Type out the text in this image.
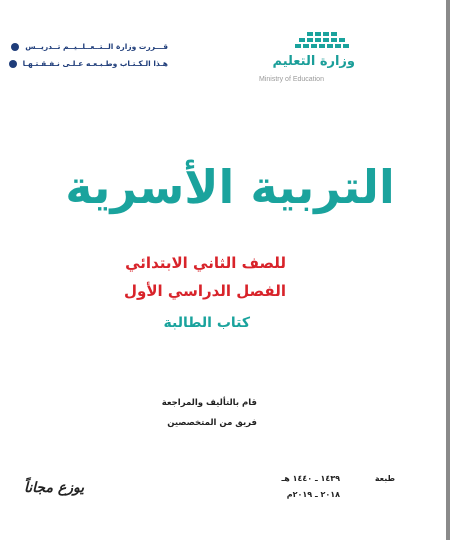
قـــررت وزارة الــتــعــلــيــم تــدريــس
هـذا الـكـتـاب وطـبـعـه عـلـى نـفـقـتـهـا	وزارة التعليم
Ministry of Education
التربية الأسرية
للصف الثاني الابتدائي
الفصل الدراسي الأول
كتاب الطالبة
قام بالتأليف والمراجعة
فريق من المتخصصين
طبعة
١٤٣٩ ـ ١٤٤٠ هـ
٢٠١٨ ـ ٢٠١٩م
يوزع مجاناً
